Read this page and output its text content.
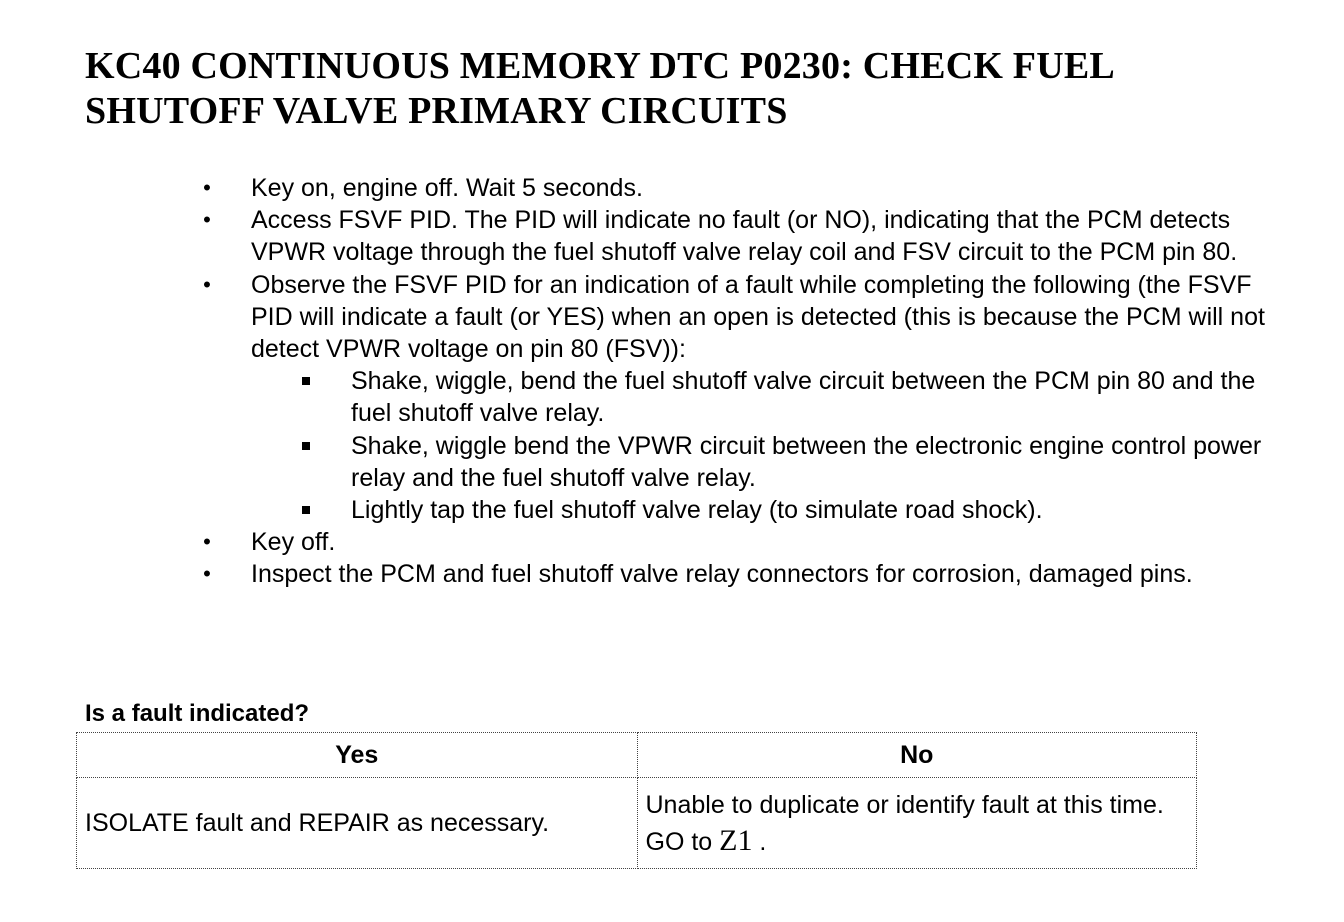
KC40 CONTINUOUS MEMORY DTC P0230: CHECK FUEL SHUTOFF VALVE PRIMARY CIRCUITS
• Key on, engine off. Wait 5 seconds.
• Access FSVF PID. The PID will indicate no fault (or NO), indicating that the PCM detects VPWR voltage through the fuel shutoff valve relay coil and FSV circuit to the PCM pin 80.
• Observe the FSVF PID for an indication of a fault while completing the following (the FSVF PID will indicate a fault (or YES) when an open is detected (this is because the PCM will not detect VPWR voltage on pin 80 (FSV)):
Shake, wiggle, bend the fuel shutoff valve circuit between the PCM pin 80 and the fuel shutoff valve relay.
Shake, wiggle bend the VPWR circuit between the electronic engine control power relay and the fuel shutoff valve relay.
Lightly tap the fuel shutoff valve relay (to simulate road shock).
• Key off.
• Inspect the PCM and fuel shutoff valve relay connectors for corrosion, damaged pins.

Is a fault indicated?

Yes	No
ISOLATE fault and REPAIR as necessary.	Unable to duplicate or identify fault at this time. GO to Z1 .
